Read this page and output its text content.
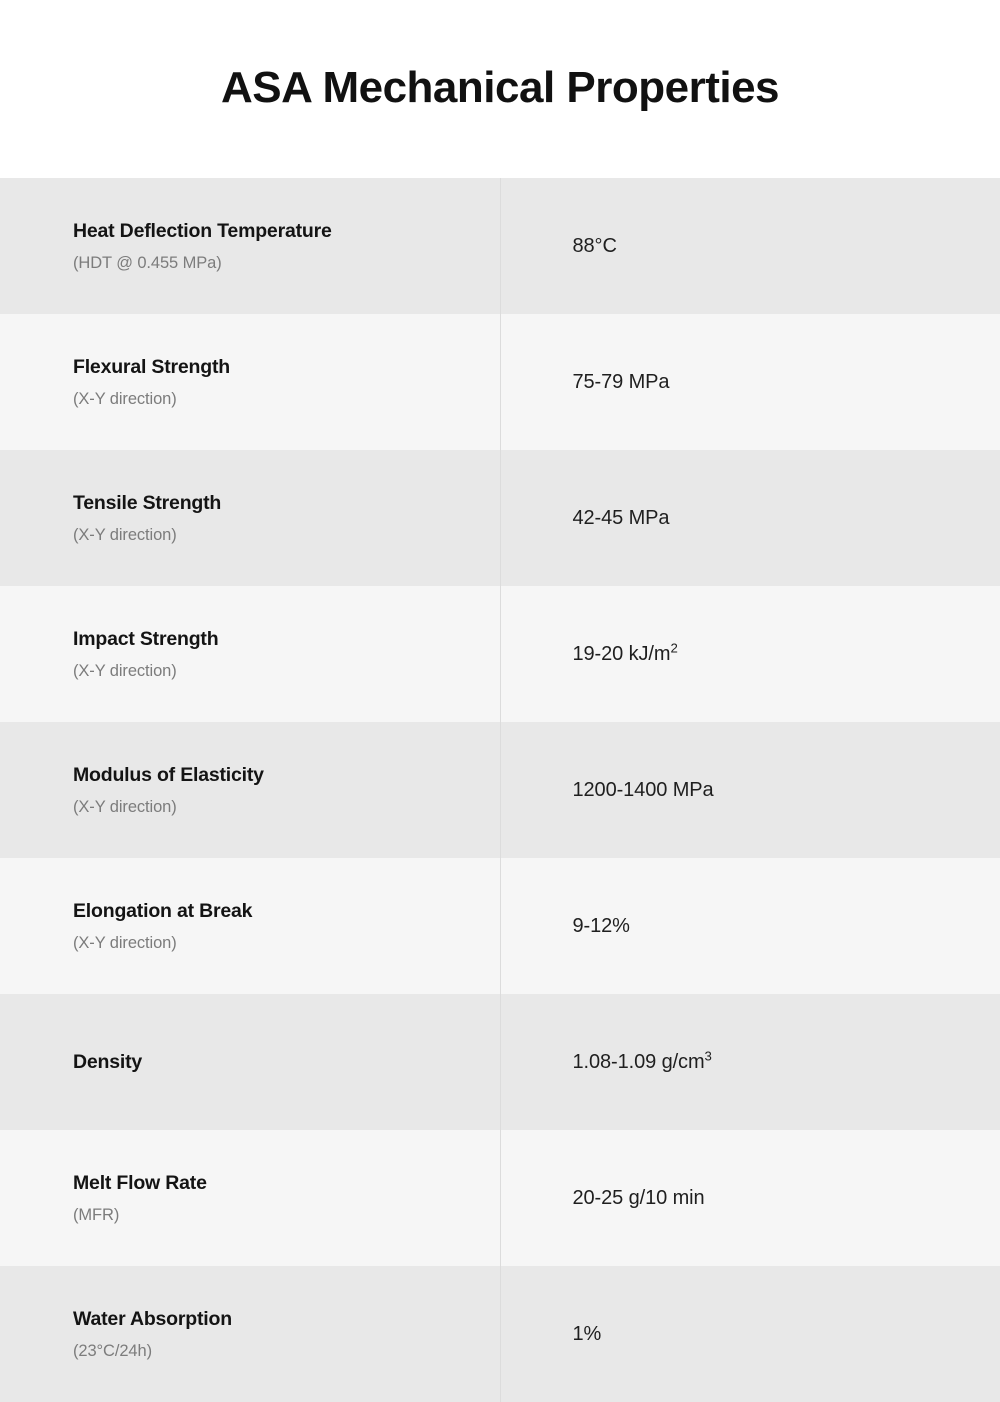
ASA Mechanical Properties
Heat Deflection Temperature
(HDT @ 0.455 MPa)	88°C

Flexural Strength
(X-Y direction)	75-79 MPa

Tensile Strength
(X-Y direction)	42-45 MPa

Impact Strength
(X-Y direction)	19-20 $kJ/m^2$

Modulus of Elasticity
(X-Y direction)	1200-1400 MPa

Elongation at Break
(X-Y direction)	9-12%

Density	1.08-1.09 $g/cm^3$

Melt Flow Rate
(MFR)	20-25 g/10 min

Water Absorption
(23°C/24h)	1%
